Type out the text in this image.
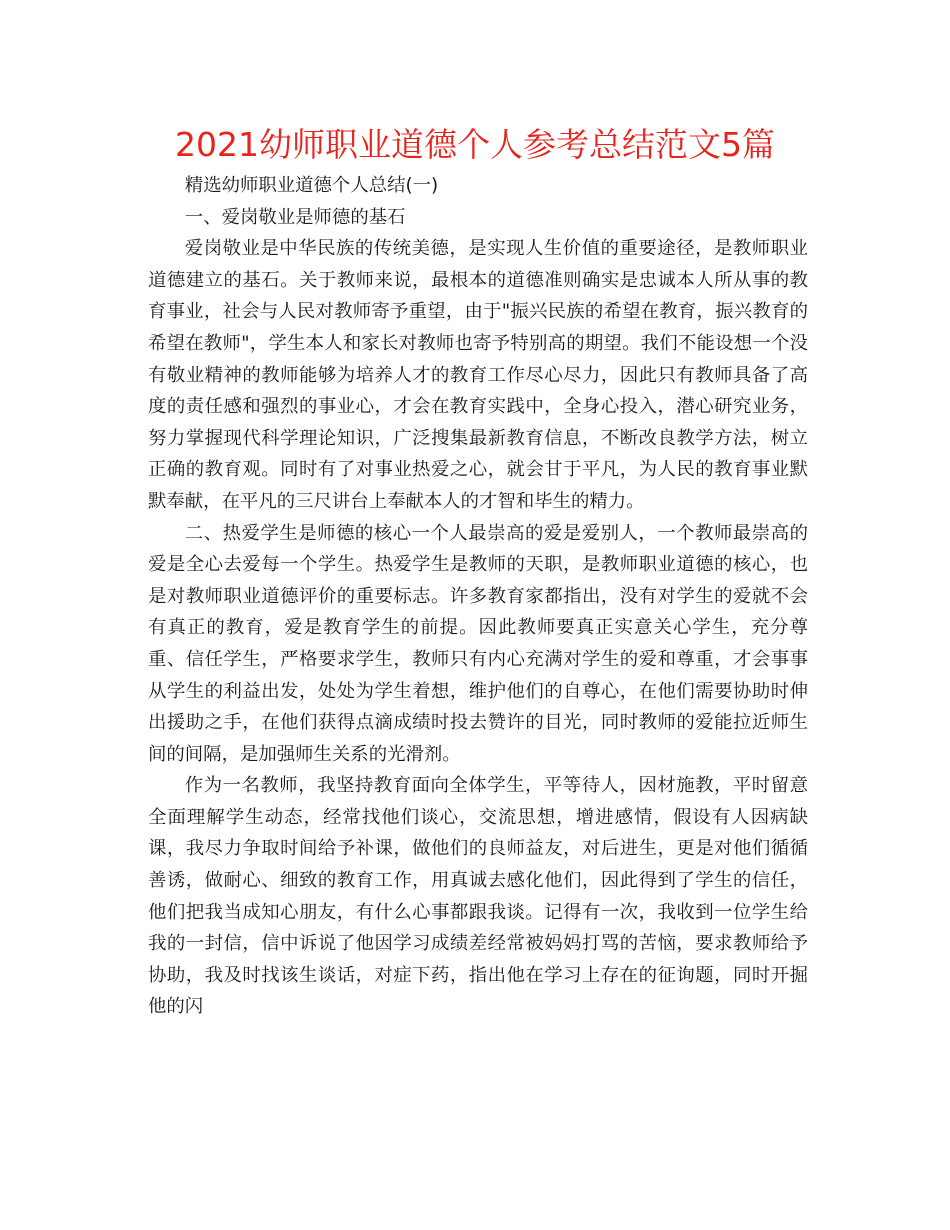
2021幼师职业道德个人参考总结范文5篇

精选幼师职业道德个人总结(一)

一、爱岗敬业是师德的基石

爱岗敬业是中华民族的传统美德，是实现人生价值的重要途径，是教师职业道德建立的基石。关于教师来说，最根本的道德准则确实是忠诚本人所从事的教育事业，社会与人民对教师寄予重望，由于"振兴民族的希望在教育，振兴教育的希望在教师"，学生本人和家长对教师也寄予特别高的期望。我们不能设想一个没有敬业精神的教师能够为培养人才的教育工作尽心尽力，因此只有教师具备了高度的责任感和强烈的事业心，才会在教育实践中，全身心投入，潜心研究业务，努力掌握现代科学理论知识，广泛搜集最新教育信息，不断改良教学方法，树立正确的教育观。同时有了对事业热爱之心，就会甘于平凡，为人民的教育事业默默奉献，在平凡的三尺讲台上奉献本人的才智和毕生的精力。

二、热爱学生是师德的核心一个人最崇高的爱是爱别人，一个教师最崇高的爱是全心去爱每一个学生。热爱学生是教师的天职，是教师职业道德的核心，也是对教师职业道德评价的重要标志。许多教育家都指出，没有对学生的爱就不会有真正的教育，爱是教育学生的前提。因此教师要真正实意关心学生，充分尊重、信任学生，严格要求学生，教师只有内心充满对学生的爱和尊重，才会事事从学生的利益出发，处处为学生着想，维护他们的自尊心，在他们需要协助时伸出援助之手，在他们获得点滴成绩时投去赞许的目光，同时教师的爱能拉近师生间的间隔，是加强师生关系的光滑剂。

作为一名教师，我坚持教育面向全体学生，平等待人，因材施教，平时留意全面理解学生动态，经常找他们谈心，交流思想，增进感情，假设有人因病缺课，我尽力争取时间给予补课，做他们的良师益友，对后进生，更是对他们循循善诱，做耐心、细致的教育工作，用真诚去感化他们，因此得到了学生的信任，他们把我当成知心朋友，有什么心事都跟我谈。记得有一次，我收到一位学生给我的一封信，信中诉说了他因学习成绩差经常被妈妈打骂的苦恼，要求教师给予协助，我及时找该生谈话，对症下药，指出他在学习上存在的征询题，同时开掘他的闪
